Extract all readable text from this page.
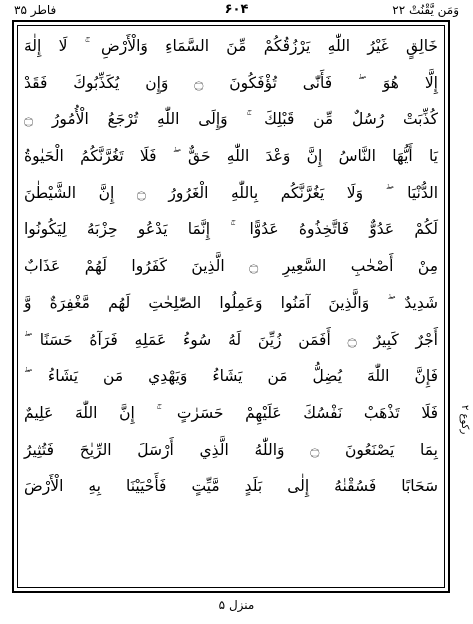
فاطر ۳۵	۶۰۴	وَمَن يَّقْنُتْ ۲۲
خَالِقٍ غَيْرُ اللّٰهِ يَرْزُقُكُمْ مِّنَ السَّمَاءِ وَالْأَرْضِ ۚ لَا إِلٰهَ
إِلَّا هُوَ ۖ فَأَنّٰى تُؤْفَكُونَ ۝ وَإِن يُكَذِّبُوكَ فَقَدْ
كُذِّبَتْ رُسُلٌ مِّن قَبْلِكَ ۚ وَإِلَى اللّٰهِ تُرْجَعُ الْأُمُورُ ۝
يَا أَيُّهَا النَّاسُ إِنَّ وَعْدَ اللّٰهِ حَقٌّ ۖ فَلَا تَغُرَّنَّكُمُ الْحَيٰوةُ
الدُّنْيَا ۖ وَلَا يَغُرَّنَّكُم بِاللّٰهِ الْغَرُورُ ۝ إِنَّ الشَّيْطٰنَ
لَكُمْ عَدُوٌّ فَاتَّخِذُوهُ عَدُوًّا ۚ إِنَّمَا يَدْعُو حِزْبَهُ لِيَكُونُوا
مِنْ أَصْحٰبِ السَّعِيرِ ۝ الَّذِينَ كَفَرُوا لَهُمْ عَذَابٌ
شَدِيدٌ ۖ وَالَّذِينَ آمَنُوا وَعَمِلُوا الصّٰلِحٰتِ لَهُم مَّغْفِرَةٌ وَّ
أَجْرٌ كَبِيرٌ ۝ أَفَمَن زُيِّنَ لَهُ سُوءُ عَمَلِهِ فَرَآهُ حَسَنًا ۖ
فَإِنَّ اللّٰهَ يُضِلُّ مَن يَشَاءُ وَيَهْدِي مَن يَشَاءُ ۖ
فَلَا تَذْهَبْ نَفْسُكَ عَلَيْهِمْ حَسَرٰتٍ ۚ إِنَّ اللّٰهَ عَلِيمٌ
بِمَا يَصْنَعُونَ ۝ وَاللّٰهُ الَّذِي أَرْسَلَ الرِّيٰحَ فَتُثِيرُ
سَحَابًا فَسُقْنٰهُ إِلٰى بَلَدٍ مَّيِّتٍ فَأَحْيَيْنَا بِهِ الْأَرْضَ
ركوع ۲
منزل ۵
